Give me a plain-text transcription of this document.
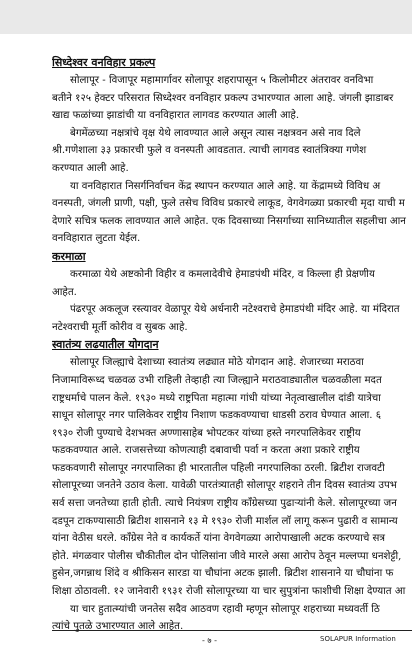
सिध्देश्वर वनविहार प्रकल्प
सोलापूर - विजापूर महामार्गावर सोलापूर शहरापासून ५ किलोमीटर अंतरावर वनविभा
बतीने १२५ हेक्टर परिसरात सिध्देश्वर वनविहार प्रकल्प उभारण्यात आला आहे. जंगली झाडाबर
खाद्य फळांच्या झाडांची या वनविहारात लागवड करण्यात आली आहे.
बेगमेंळच्या नक्षत्रांचे वृक्ष येथे लावण्यात आले असून त्यास नक्षत्रवन असे नाव दिले
श्री.गणेशाला ३३ प्रकारची फुले व वनस्पती आवडतात. त्याची लागवड स्वातंत्रिक्या गणेश
करण्यात आली आहे.
या वनविहारात निसर्गनिर्वाचन केंद्र स्थापन करण्यात आले आहे. या केंद्रामध्ये विविध अ
वनस्पती, जंगली प्राणी, पक्षी, फुले तसेच विविध प्रकारचे लाकूड, वेगवेगळ्या प्रकारची मृदा याची म
देणारे सचित्र फलक लावण्यात आले आहेत. एक दिवसाच्या निसर्गाच्या सानिध्यातील सहलीचा आन
वनविहारात लुटता येईल.
करमाळा
करमाळा येथे अष्टकोनी विहीर व कमलादेवीचे हेमाडपंथी मंदिर, व किल्ला ही प्रेक्षणीय
आहेत.
पंढरपूर अकलूज रस्त्यावर वेळापूर येथे अर्धनारी नटेश्वराचे हेमाडपंथी मंदिर आहे. या मंदिरात
नटेश्वराची मूर्ती कोरीव व सुबक आहे.
स्वातंत्र्य लढयातील योगदान
सोलापूर जिल्ह्याचे देशाच्या स्वातंत्र्य लढ्यात मोठे योगदान आहे. शेजारच्या मराठवा
निजामाविरूध्द चळवळ उभी राहिली तेव्हाही त्या जिल्ह्याने मराठवाड्यातील चळवळीला मदत
राष्ट्रधर्माचे पालन केले. १९३० मध्ये राष्ट्रपिता महात्मा गांधी यांच्या नेतृत्वाखालील दांडी यात्रेचा
साधून सोलापूर नगर पालिकेवर राष्ट्रीय निशाण फडकवण्याचा धाडसी ठराव घेण्यात आला. ६
१९३० रोजी पुण्याचे देशभक्त अण्णासाहेब भोपटकर यांच्या हस्ते नगरपालिकेवर राष्ट्रीय
फडकवण्यात आले. राजसत्तेच्या कोणत्याही दबावाची पर्वा न करता अशा प्रकारे राष्ट्रीय
फडकवणारी सोलापूर नगरपालिका ही भारतातील पहिली नगरपालिका ठरली. ब्रिटीश राजवटी
सोलापूरच्या जनतेने उठाव केला. यावेळी पारतंत्र्यातही सोलापूर शहराने तीन दिवस स्वातंत्र्य उपभ
सर्व सत्ता जनतेच्या हाती होती. त्याचे नियंत्रण राष्ट्रीय काँग्रेसच्या पुढाऱ्यांनी केले. सोलापूरच्या जन
दडपून टाकण्यासाठी ब्रिटीश शासनाने १३ मे १९३० रोजी मार्शल लॉ लागू करून पुढारी व सामान्य
यांना वेठीस धरले. काँग्रेस नेते व कार्यकर्ते यांना वेगवेगळ्या आरोपाखाली अटक करण्याचे सत्र
होते. मंगळवार पोलीस चौकीतील दोन पोलिसांना जीवे मारले असा आरोप ठेवून मल्लप्पा धनशेट्टी,
हुसेन,जगन्नाथ शिंदे व श्रीकिसन सारडा या चौघांना अटक झाली. ब्रिटीश शासनाने या चौघांना फ
शिक्षा ठोठावली. १२ जानेवारी १९३१ रोजी सोलापूरच्या या चार सुपुत्रांना फाशीची शिक्षा देण्यात आ
या चार हुतात्म्यांची जनतेस सदैव आठवण रहावी म्हणून सोलापूर शहराच्या मध्यवर्ती ठि
त्यांचे पुतळे उभारण्यात आले आहेत.
- ७ -	SOLAPUR Information
